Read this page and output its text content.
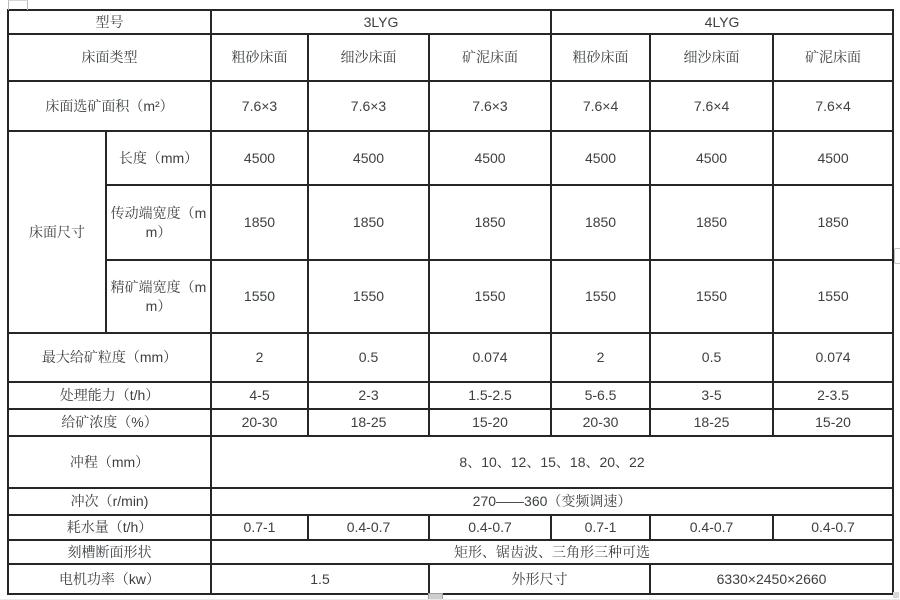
型号		3LYG			4LYG		
床面类型		粗砂床面	细沙床面	矿泥床面	粗砂床面	细沙床面	矿泥床面
床面选矿面积（m²）		7.6×3	7.6×3	7.6×3	7.6×4	7.6×4	7.6×4
床面尺寸	长度（mm）	4500	4500	4500	4500	4500	4500
	传动端宽度（mm）	1850	1850	1850	1850	1850	1850
	精矿端宽度（mm）	1550	1550	1550	1550	1550	1550
最大给矿粒度（mm）		2	0.5	0.074	2	0.5	0.074
处理能力（t/h）		4-5	2-3	1.5-2.5	5-6.5	3-5	2-3.5
给矿浓度（%）		20-30	18-25	15-20	20-30	18-25	15-20
冲程（mm）		8、10、12、15、18、20、22					
冲次（r/min)		270——360（变频调速）					
耗水量（t/h）		0.7-1	0.4-0.7	0.4-0.7	0.7-1	0.4-0.7	0.4-0.7
刻槽断面形状		矩形、锯齿波、三角形三种可选					
电机功率（kw）		1.5		外形尺寸		6330×2450×2660	
